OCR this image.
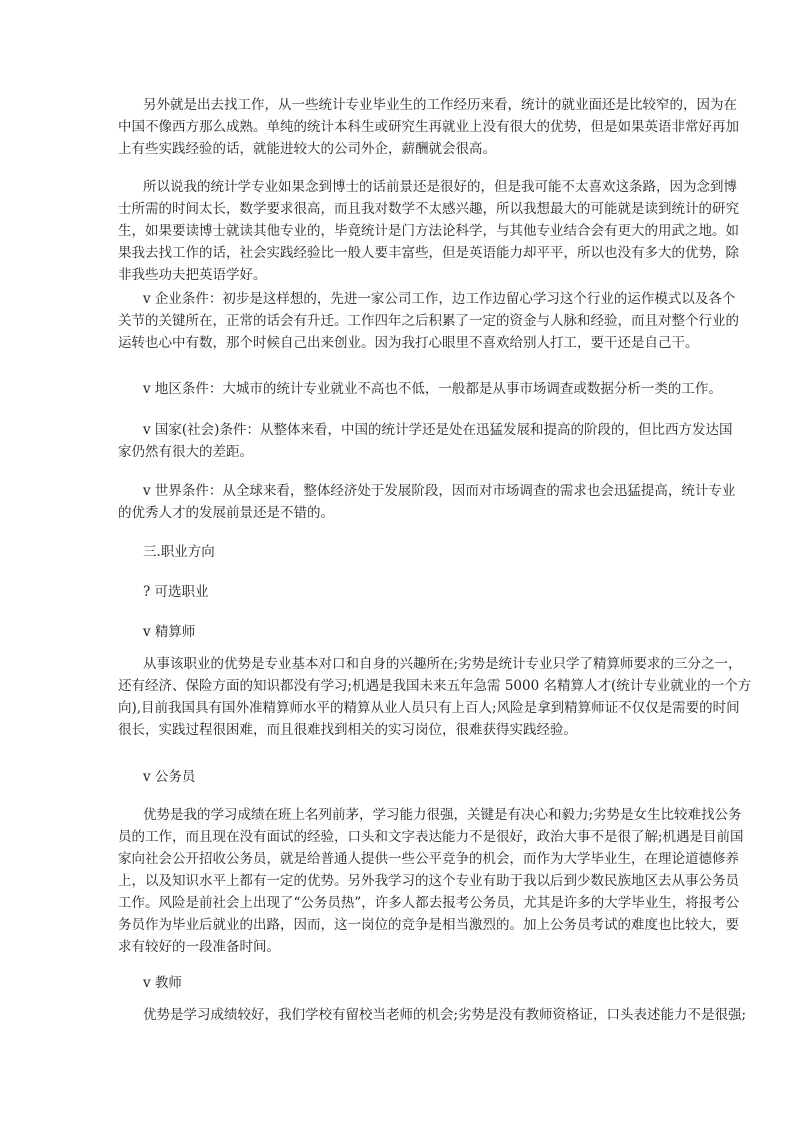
另外就是出去找工作，从一些统计专业毕业生的工作经历来看，统计的就业面还是比较窄的，因为在
中国不像西方那么成熟。单纯的统计本科生或研究生再就业上没有很大的优势，但是如果英语非常好再加
上有些实践经验的话，就能进较大的公司外企，薪酬就会很高。
所以说我的统计学专业如果念到博士的话前景还是很好的，但是我可能不太喜欢这条路，因为念到博
士所需的时间太长，数学要求很高，而且我对数学不太感兴趣，所以我想最大的可能就是读到统计的研究
生，如果要读博士就读其他专业的，毕竟统计是门方法论科学，与其他专业结合会有更大的用武之地。如
果我去找工作的话，社会实践经验比一般人要丰富些，但是英语能力却平平，所以也没有多大的优势，除
非我些功夫把英语学好。
v 企业条件：初步是这样想的，先进一家公司工作，边工作边留心学习这个行业的运作模式以及各个
关节的关键所在，正常的话会有升迁。工作四年之后积累了一定的资金与人脉和经验，而且对整个行业的
运转也心中有数，那个时候自己出来创业。因为我打心眼里不喜欢给别人打工，要干还是自己干。
v 地区条件：大城市的统计专业就业不高也不低，一般都是从事市场调查或数据分析一类的工作。
v 国家(社会)条件：从整体来看，中国的统计学还是处在迅猛发展和提高的阶段的，但比西方发达国
家仍然有很大的差距。
v 世界条件：从全球来看，整体经济处于发展阶段，因而对市场调查的需求也会迅猛提高，统计专业
的优秀人才的发展前景还是不错的。
三.职业方向
? 可选职业
v 精算师
从事该职业的优势是专业基本对口和自身的兴趣所在;劣势是统计专业只学了精算师要求的三分之一，
还有经济、保险方面的知识都没有学习;机遇是我国未来五年急需 5000 名精算人才(统计专业就业的一个方
向),目前我国具有国外准精算师水平的精算从业人员只有上百人;风险是拿到精算师证不仅仅是需要的时间
很长，实践过程很困难，而且很难找到相关的实习岗位，很难获得实践经验。
v 公务员
优势是我的学习成绩在班上名列前茅，学习能力很强，关键是有决心和毅力;劣势是女生比较难找公务
员的工作，而且现在没有面试的经验，口头和文字表达能力不是很好，政治大事不是很了解;机遇是目前国
家向社会公开招收公务员，就是给普通人提供一些公平竞争的机会，而作为大学毕业生，在理论道德修养
上，以及知识水平上都有一定的优势。另外我学习的这个专业有助于我以后到少数民族地区去从事公务员
工作。风险是前社会上出现了“公务员热”，许多人都去报考公务员，尤其是许多的大学毕业生，将报考公
务员作为毕业后就业的出路，因而，这一岗位的竞争是相当激烈的。加上公务员考试的难度也比较大，要
求有较好的一段准备时间。
v 教师
优势是学习成绩较好，我们学校有留校当老师的机会;劣势是没有教师资格证，口头表述能力不是很强;
